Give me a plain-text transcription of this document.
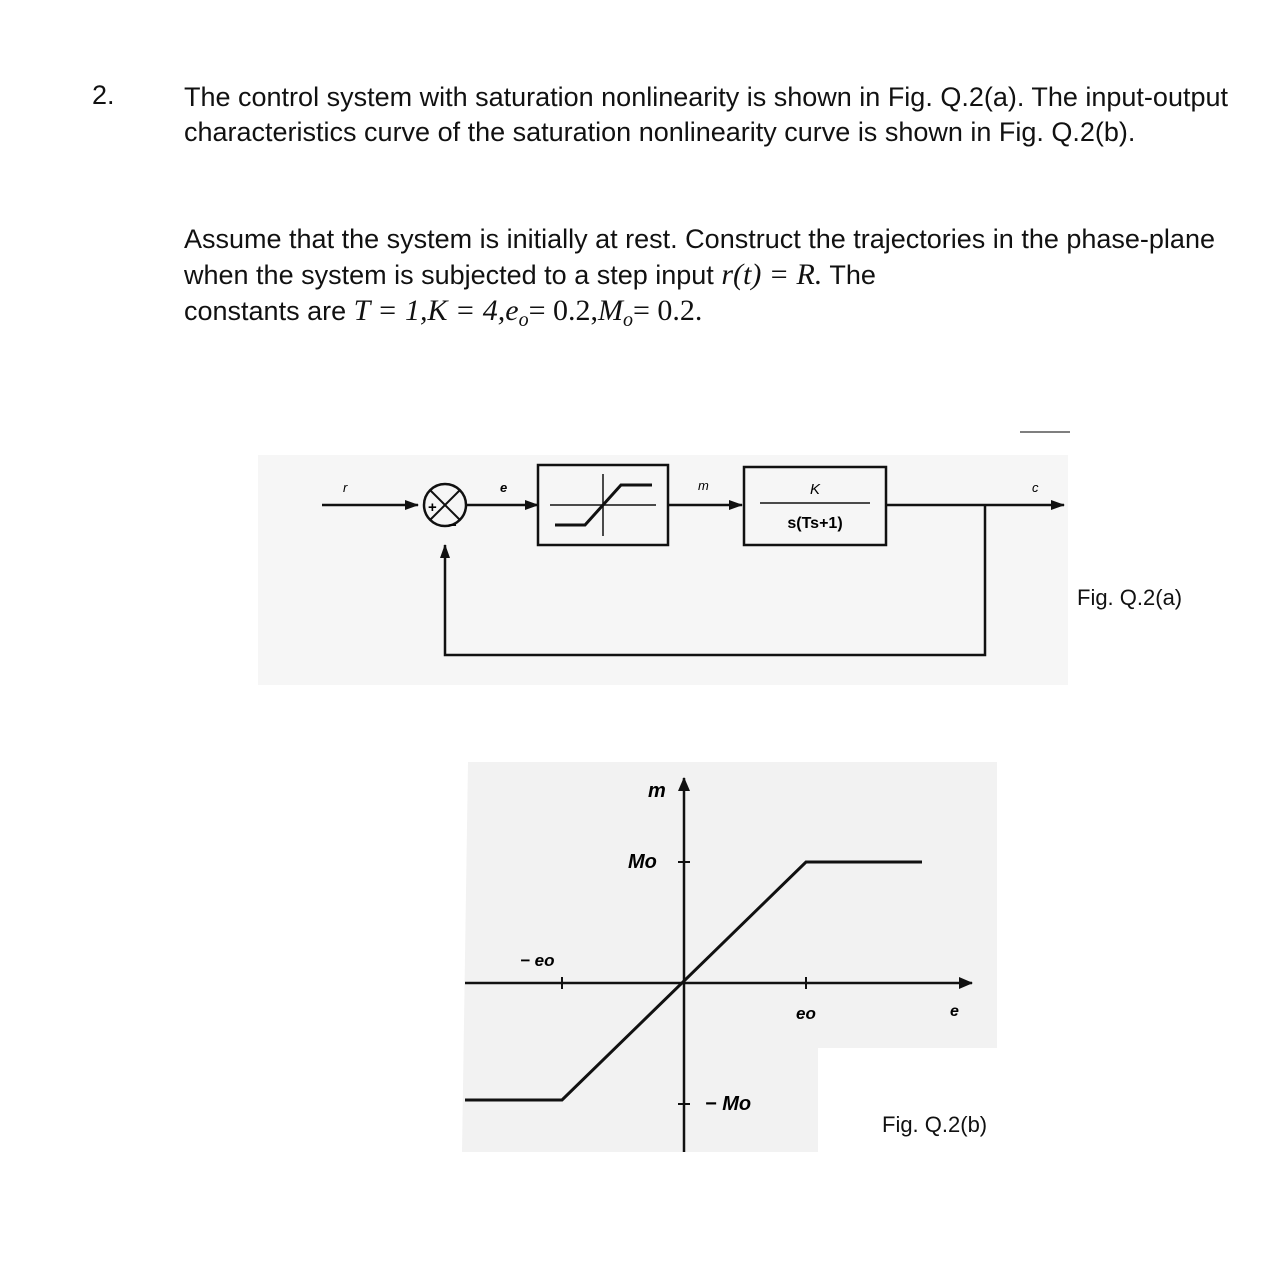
2.	The control system with saturation nonlinearity is shown in Fig. Q.2(a). The input-output characteristics curve of the saturation nonlinearity curve is shown in Fig. Q.2(b).

Assume that the system is initially at rest. Construct the trajectories in the phase-plane when the system is subjected to a step input r(t) = R. The
constants are $T = 1,K = 4,e_o= 0.2,M_o= 0.2$.

r
+
−
e	m	K
s(Ts+1)
c
Fig. Q.2(a)
m
e
Mo
− Mo
eo
− eo
Fig. Q.2(b)
